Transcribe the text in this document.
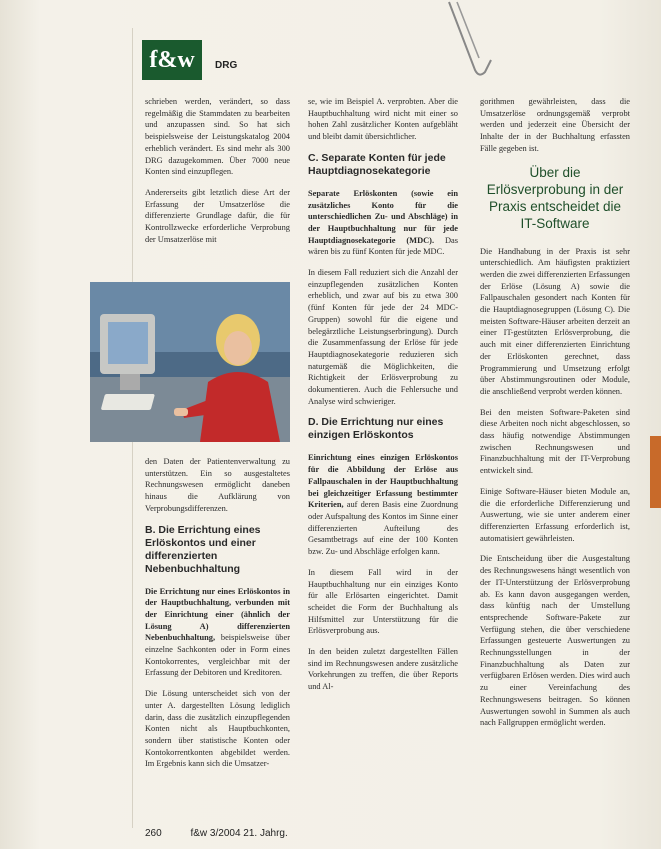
f&w	DRG

schrieben werden, verändert, so dass regelmäßig die Stammdaten zu bearbeiten und anzupassen sind. So hat sich beispielsweise der Leistungskatalog 2004 erheblich verändert. Es sind mehr als 300 DRG dazugekommen. Über 7000 neue Konten sind einzupflegen.

Andererseits gibt letztlich diese Art der Erfassung der Umsatzerlöse die differenzierte Grundlage dafür, die für Kontrollzwecke erforderliche Verprobung der Umsatzerlöse mit

den Daten der Patientenverwaltung zu unterstützen. Ein so ausgestaltetes Rechnungswesen ermöglicht daneben hinaus die Aufklärung von Verprobungsdifferenzen.

B. Die Errichtung eines Erlöskontos und einer differenzierten Nebenbuchhaltung

Die Errichtung nur eines Erlöskontos in der Hauptbuchhaltung, verbunden mit der Einrichtung einer (ähnlich der Lösung A) differenzierten Nebenbuchhaltung, beispielsweise über einzelne Sachkonten oder in Form eines Kontokorrentes, vergleichbar mit der Erfassung der Debitoren und Kreditoren.

Die Lösung unterscheidet sich von der unter A. dargestellten Lösung lediglich darin, dass die zusätzlich einzupflegenden Konten nicht als Hauptbuchkonten, sondern über statistische Konten oder Kontokorrentkonten abgebildet werden. Im Ergebnis kann sich die Umsatzer-

se, wie im Beispiel A. verprobten. Aber die Hauptbuchhaltung wird nicht mit einer so hohen Zahl zusätzlicher Konten aufgebläht und bleibt damit übersichtlicher.

C. Separate Konten für jede Hauptdiagnosekategorie

Separate Erlöskonten (sowie ein zusätzliches Konto für die unterschiedlichen Zu- und Abschläge) in der Hauptbuchhaltung nur für jede Hauptdiagnosekategorie (MDC). Das wären bis zu fünf Konten für jede MDC.

In diesem Fall reduziert sich die Anzahl der einzupflegenden zusätzlichen Konten erheblich, und zwar auf bis zu etwa 300 (fünf Konten für jede der 24 MDC-Gruppen) sowohl für die eigene und belegärztliche Leistungserbringung). Durch die Zusammenfassung der Erlöse für jede Hauptdiagnosekategorie reduzieren sich naturgemäß die Möglichkeiten, die Richtigkeit der Erlösverprobung zu dokumentieren. Auch die Fehlersuche und Analyse wird schwieriger.

D. Die Errichtung nur eines einzigen Erlöskontos

Einrichtung eines einzigen Erlöskontos für die Abbildung der Erlöse aus Fallpauschalen in der Hauptbuchhaltung bei gleichzeitiger Erfassung bestimmter Kriterien, auf deren Basis eine Zuordnung oder Aufspaltung des Kontos im Sinne einer differenzierten Aufteilung des Gesamtbetrags auf eine der 100 Konten bzw. Zu- und Abschläge erfolgen kann.

In diesem Fall wird in der Hauptbuchhaltung nur ein einziges Konto für alle Erlösarten eingerichtet. Damit scheidet die Form der Buchhaltung als Hilfsmittel zur Unterstützung für die Erlösverprobung aus.

In den beiden zuletzt dargestellten Fällen sind im Rechnungswesen andere zusätzliche Vorkehrungen zu treffen, die über Reports und Al-

gorithmen gewährleisten, dass die Umsatzerlöse ordnungsgemäß verprobt werden und jederzeit eine Übersicht der Inhalte der in der Buchhaltung erfassten Fälle gegeben ist.

Über die Erlösverprobung in der Praxis entscheidet die IT-Software

Die Handhabung in der Praxis ist sehr unterschiedlich. Am häufigsten praktiziert werden die zwei differenzierten Erfassungen der Erlöse (Lösung A) sowie die Fallpauschalen gesondert nach Konten für die Hauptdiagnosegruppen (Lösung C). Die meisten Software-Häuser arbeiten derzeit an einer IT-gestützten Erlösverprobung, die auch mit einer differenzierten Einrichtung der Erlöskonten gerechnet, dass Programmierung und Umsetzung erfolgt über Abstimmungsroutinen oder Module, die anschließend verprobt werden können.

Bei den meisten Software-Paketen sind diese Arbeiten noch nicht abgeschlossen, so dass häufig notwendige Abstimmungen zwischen Rechnungswesen und Finanzbuchhaltung mit der IT-Verprobung entwickelt sind.

Einige Software-Häuser bieten Module an, die die erforderliche Differenzierung und Auswertung, wie sie unter anderem einer differenzierten Erfassung erforderlich ist, automatisiert gewährleisten.

Die Entscheidung über die Ausgestaltung des Rechnungswesens hängt wesentlich von der IT-Unterstützung der Erlösverprobung ab. Es kann davon ausgegangen werden, dass künftig nach der Umstellung entsprechende Software-Pakete zur Verfügung stehen, die über verschiedene Erfassungen gesteuerte Auswertungen zu Rechnungsstellungen in der Finanzbuchhaltung als Daten zur verfügbaren Erlösen werden. Dies wird auch zu einer Vereinfachung des Rechnungswesens beitragen. So können Auswertungen sowohl in Summen als auch nach Fallgruppen ermöglicht werden.

260	f&w 3/2004 21. Jahrg.
